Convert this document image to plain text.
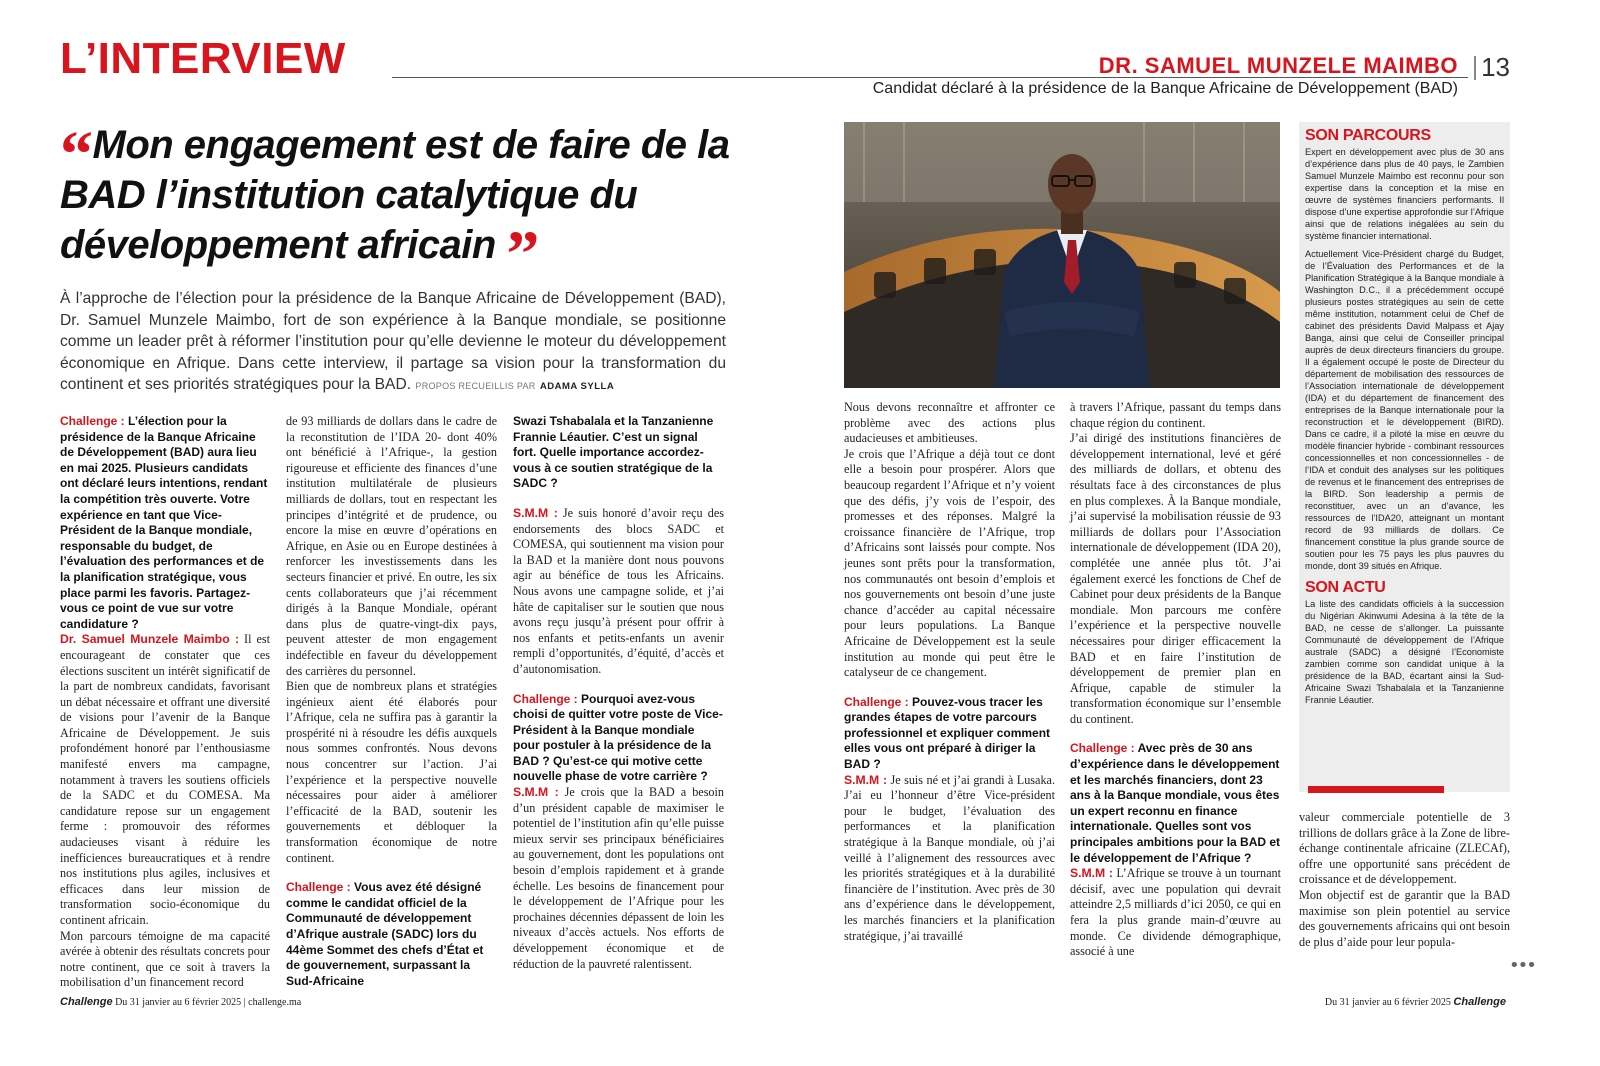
L’INTERVIEW	DR. SAMUEL MUNZELE MAIMBO 13
Candidat déclaré à la présidence de la Banque Africaine de Développement (BAD)
“Mon engagement est de faire de la BAD l’institution catalytique du développement africain ”
À l’approche de l’élection pour la présidence de la Banque Africaine de Développement (BAD), Dr. Samuel Munzele Maimbo, fort de son expérience à la Banque mondiale, se positionne comme un leader prêt à réformer l’institution pour qu’elle devienne le moteur du développement économique en Afrique. Dans cette interview, il partage sa vision pour la transformation du continent et ses priorités stratégiques pour la BAD. PROPOS RECUEILLIS PAR ADAMA SYLLA

Challenge : L’élection pour la présidence de la Banque Africaine de Développement (BAD) aura lieu en mai 2025. Plusieurs candidats ont déclaré leurs intentions, rendant la compétition très ouverte. Votre expérience en tant que Vice-Président de la Banque mondiale, responsable du budget, de l’évaluation des performances et de la planification stratégique, vous place parmi les favoris. Partagez-vous ce point de vue sur votre candidature ?

Dr. Samuel Munzele Maimbo : Il est encourageant de constater que ces élections suscitent un intérêt significatif de la part de nombreux candidats, favorisant un débat nécessaire et offrant une diversité de visions pour l’avenir de la Banque Africaine de Développement. Je suis profondément honoré par l’enthousiasme manifesté envers ma campagne, notamment à travers les soutiens officiels de la SADC et du COMESA. Ma candidature repose sur un engagement ferme : promouvoir des réformes audacieuses visant à réduire les inefficiences bureaucratiques et à rendre nos institutions plus agiles, inclusives et efficaces dans leur mission de transformation socio-économique du continent africain.

Mon parcours témoigne de ma capacité avérée à obtenir des résultats concrets pour notre continent, que ce soit à travers la mobilisation d’un financement record

de 93 milliards de dollars dans le cadre de la reconstitution de l’IDA 20- dont 40% ont bénéficié à l’Afrique-, la gestion rigoureuse et efficiente des finances d’une institution multilatérale de plusieurs milliards de dollars, tout en respectant les principes d’intégrité et de prudence, ou encore la mise en œuvre d’opérations en Afrique, en Asie ou en Europe destinées à renforcer les investissements dans les secteurs financier et privé. En outre, les six cents collaborateurs que j’ai récemment dirigés à la Banque Mondiale, opérant dans plus de quatre-vingt-dix pays, peuvent attester de mon engagement indéfectible en faveur du développement des carrières du personnel.

Bien que de nombreux plans et stratégies ingénieux aient été élaborés pour l’Afrique, cela ne suffira pas à garantir la prospérité ni à résoudre les défis auxquels nous sommes confrontés. Nous devons nous concentrer sur l’action. J’ai l’expérience et la perspective nouvelle nécessaires pour aider à améliorer l’efficacité de la BAD, soutenir les gouvernements et débloquer la transformation économique de notre continent.

Challenge : Vous avez été désigné comme le candidat officiel de la Communauté de développement d’Afrique australe (SADC) lors du 44ème Sommet des chefs d’État et de gouvernement, surpassant la Sud-Africaine

Swazi Tshabalala et la Tanzanienne Frannie Léautier. C’est un signal fort. Quelle importance accordez-vous à ce soutien stratégique de la SADC ?

S.M.M : Je suis honoré d’avoir reçu des endorsements des blocs SADC et COMESA, qui soutiennent ma vision pour la BAD et la manière dont nous pouvons agir au bénéfice de tous les Africains. Nous avons une campagne solide, et j’ai hâte de capitaliser sur le soutien que nous avons reçu jusqu’à présent pour offrir à nos enfants et petits-enfants un avenir rempli d’opportunités, d’équité, d’accès et d’autonomisation.

Challenge : Pourquoi avez-vous choisi de quitter votre poste de Vice-Président à la Banque mondiale pour postuler à la présidence de la BAD ? Qu’est-ce qui motive cette nouvelle phase de votre carrière ?

S.M.M : Je crois que la BAD a besoin d’un président capable de maximiser le potentiel de l’institution afin qu’elle puisse mieux servir ses principaux bénéficiaires au gouvernement, dont les populations ont besoin d’emplois rapidement et à grande échelle. Les besoins de financement pour le développement de l’Afrique pour les prochaines décennies dépassent de loin les niveaux d’accès actuels. Nos efforts de développement économique et de réduction de la pauvreté ralentissent.

Nous devons reconnaître et affronter ce problème avec des actions plus audacieuses et ambitieuses.

Je crois que l’Afrique a déjà tout ce dont elle a besoin pour prospérer. Alors que beaucoup regardent l’Afrique et n’y voient que des défis, j’y vois de l’espoir, des promesses et des réponses. Malgré la croissance financière de l’Afrique, trop d’Africains sont laissés pour compte. Nos jeunes sont prêts pour la transformation, nos communautés ont besoin d’emplois et nos gouvernements ont besoin d’une juste chance d’accéder au capital nécessaire pour leurs populations. La Banque Africaine de Développement est la seule institution au monde qui peut être le catalyseur de ce changement.

Challenge : Pouvez-vous tracer les grandes étapes de votre parcours professionnel et expliquer comment elles vous ont préparé à diriger la BAD ?

S.M.M : Je suis né et j’ai grandi à Lusaka. J’ai eu l’honneur d’être Vice-président pour le budget, l’évaluation des performances et la planification stratégique à la Banque mondiale, où j’ai veillé à l’alignement des ressources avec les priorités stratégiques et à la durabilité financière de l’institution. Avec près de 30 ans d’expérience dans le développement, les marchés financiers et la planification stratégique, j’ai travaillé

à travers l’Afrique, passant du temps dans chaque région du continent.

J’ai dirigé des institutions financières de développement international, levé et géré des milliards de dollars, et obtenu des résultats face à des circonstances de plus en plus complexes. À la Banque mondiale, j’ai supervisé la mobilisation réussie de 93 milliards de dollars pour l’Association internationale de développement (IDA 20), complétée une année plus tôt. J’ai également exercé les fonctions de Chef de Cabinet pour deux présidents de la Banque mondiale. Mon parcours me confère l’expérience et la perspective nouvelle nécessaires pour diriger efficacement la BAD et en faire l’institution de développement de premier plan en Afrique, capable de stimuler la transformation économique sur l’ensemble du continent.

Challenge : Avec près de 30 ans d’expérience dans le développement et les marchés financiers, dont 23 ans à la Banque mondiale, vous êtes un expert reconnu en finance internationale. Quelles sont vos principales ambitions pour la BAD et le développement de l’Afrique ?

S.M.M : L’Afrique se trouve à un tournant décisif, avec une population qui devrait atteindre 2,5 milliards d’ici 2050, ce qui en fera la plus grande main-d’œuvre au monde. Ce dividende démographique, associé à une

SON PARCOURS

Expert en développement avec plus de 30 ans d’expérience dans plus de 40 pays, le Zambien Samuel Munzele Maimbo est reconnu pour son expertise dans la conception et la mise en œuvre de systèmes financiers performants. Il dispose d’une expertise approfondie sur l’Afrique ainsi que de relations inégalées au sein du système financier international.

Actuellement Vice-Président chargé du Budget, de l’Évaluation des Performances et de la Planification Stratégique à la Banque mondiale à Washington D.C., il a précédemment occupé plusieurs postes stratégiques au sein de cette même institution, notamment celui de Chef de cabinet des présidents David Malpass et Ajay Banga, ainsi que celui de Conseiller principal auprès de deux directeurs financiers du groupe. Il a également occupé le poste de Directeur du département de mobilisation des ressources de l’Association internationale de développement (IDA) et du département de financement des entreprises de la Banque internationale pour la reconstruction et le développement (BIRD). Dans ce cadre, il a piloté la mise en œuvre du modèle financier hybride - combinant ressources concessionnelles et non concessionnelles - de l’IDA et conduit des analyses sur les politiques de revenus et le financement des entreprises de la BIRD. Son leadership a permis de reconstituer, avec un an d’avance, les ressources de l’IDA20, atteignant un montant record de 93 milliards de dollars. Ce financement constitue la plus grande source de soutien pour les 75 pays les plus pauvres du monde, dont 39 situés en Afrique.

SON ACTU

La liste des candidats officiels à la succession du Nigérian Akinwumi Adesina à la tête de la BAD, ne cesse de s’allonger. La puissante Communauté de développement de l’Afrique australe (SADC) a désigné l’Economiste zambien comme son candidat unique à la présidence de la BAD, écartant ainsi la Sud-Africaine Swazi Tshabalala et la Tanzanienne Frannie Léautier.

valeur commerciale potentielle de 3 trillions de dollars grâce à la Zone de libre-échange continentale africaine (ZLECAf), offre une opportunité sans précédent de croissance et de développement.

Mon objectif est de garantir que la BAD maximise son plein potentiel au service des gouvernements africains qui ont besoin de plus d’aide pour leur popula-

•••
Challenge Du 31 janvier au 6 février 2025 | challenge.ma	Du 31 janvier au 6 février 2025 Challenge
